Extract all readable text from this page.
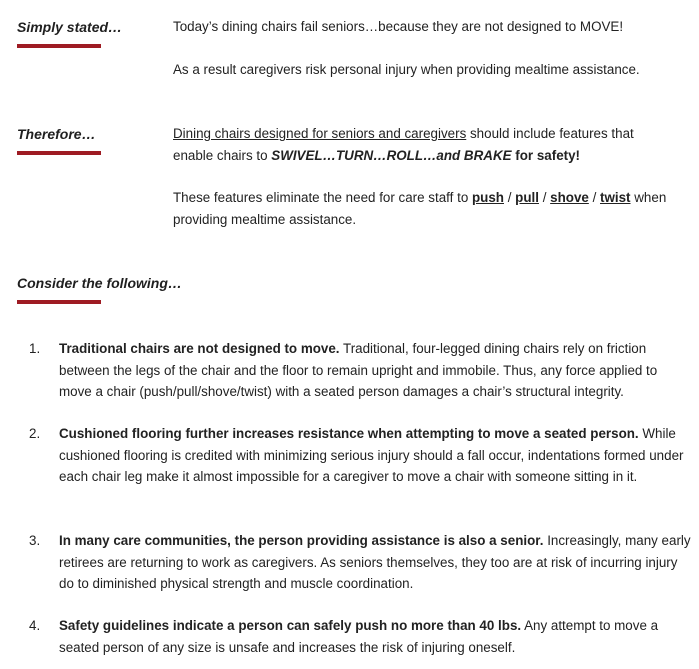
Simply stated…	Today’s dining chairs fail seniors…because they are not designed to MOVE!
As a result caregivers risk personal injury when providing mealtime assistance.
Therefore…	Dining chairs designed for seniors and caregivers should include features that
enable chairs to SWIVEL…TURN…ROLL…and BRAKE for safety!
These features eliminate the need for care staff to push / pull / shove / twist when providing mealtime assistance.
Consider the following…
1. Traditional chairs are not designed to move. Traditional, four-legged dining chairs rely on friction between the legs of the chair and the floor to remain upright and immobile. Thus, any force applied to move a chair (push/pull/shove/twist) with a seated person damages a chair’s structural integrity.
2. Cushioned flooring further increases resistance when attempting to move a seated person. While cushioned flooring is credited with minimizing serious injury should a fall occur, indentations formed under each chair leg make it almost impossible for a caregiver to move a chair with someone sitting in it.
3. In many care communities, the person providing assistance is also a senior. Increasingly, many early retirees are returning to work as caregivers. As seniors themselves, they too are at risk of incurring injury do to diminished physical strength and muscle coordination.
4. Safety guidelines indicate a person can safely push no more than 40 lbs. Any attempt to move a seated person of any size is unsafe and increases the risk of injuring oneself.
